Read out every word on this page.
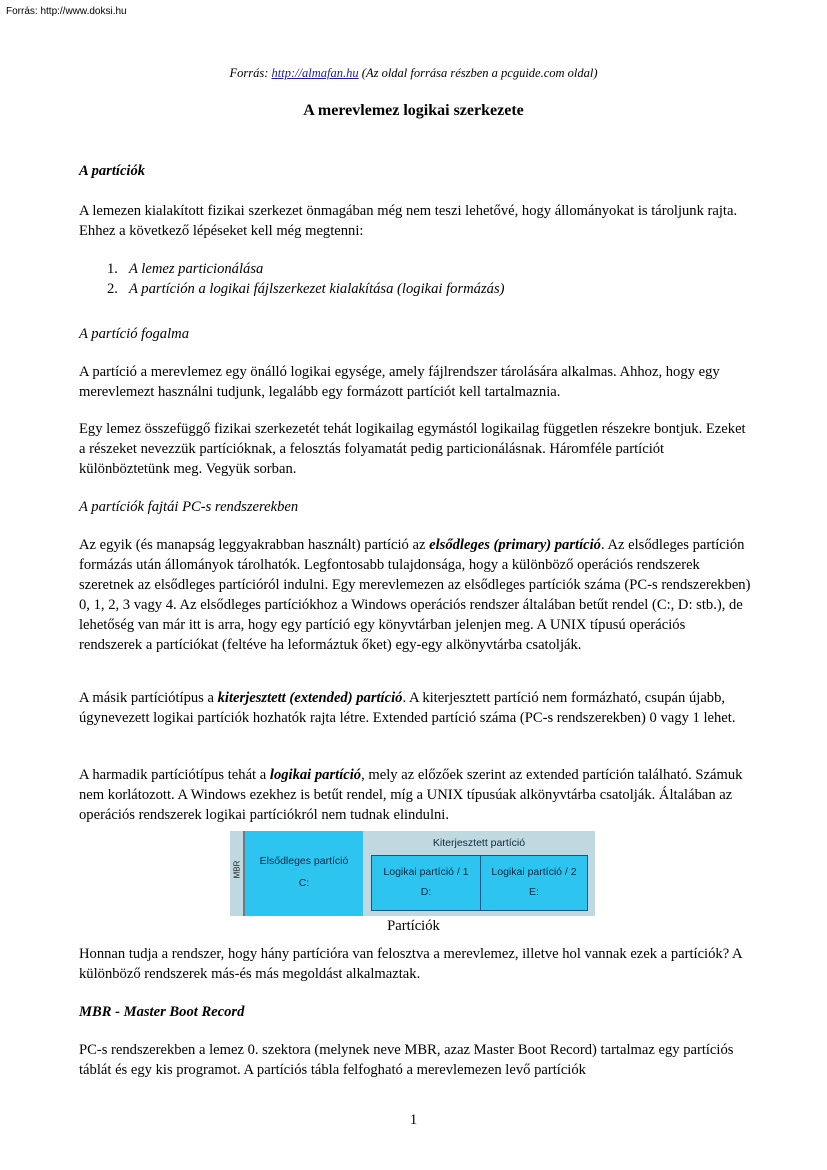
Forrás: http://www.doksi.hu
Forrás: http://almafan.hu (Az oldal forrása részben a pcguide.com oldal)
A merevlemez logikai szerkezete
A partíciók
A lemezen kialakított fizikai szerkezet önmagában még nem teszi lehetővé, hogy állományokat is tároljunk rajta. Ehhez a következő lépéseket kell még megtenni:
1. A lemez particionálása
2. A partíción a logikai fájlszerkezet kialakítása (logikai formázás)
A partíció fogalma
A partíció a merevlemez egy önálló logikai egysége, amely fájlrendszer tárolására alkalmas. Ahhoz, hogy egy merevlemezt használni tudjunk, legalább egy formázott partíciót kell tartalmaznia.
Egy lemez összefüggő fizikai szerkezetét tehát logikailag egymástól logikailag független részekre bontjuk. Ezeket a részeket nevezzük partícióknak, a felosztás folyamatát pedig particionálásnak. Háromféle partíciót különböztetünk meg. Vegyük sorban.
A partíciók fajtái PC-s rendszerekben
Az egyik (és manapság leggyakrabban használt) partíció az elsődleges (primary) partíció. Az elsődleges partíción formázás után állományok tárolhatók. Legfontosabb tulajdonsága, hogy a különböző operációs rendszerek szeretnek az elsődleges partícióról indulni. Egy merevlemezen az elsődleges partíciók száma (PC-s rendszerekben) 0, 1, 2, 3 vagy 4. Az elsődleges partíciókhoz a Windows operációs rendszer általában betűt rendel (C:, D: stb.), de lehetőség van már itt is arra, hogy egy partíció egy könyvtárban jelenjen meg. A UNIX típusú operációs rendszerek a partíciókat (feltéve ha leformáztuk őket) egy-egy alkönyvtárba csatolják.
A másik partíciótípus a kiterjesztett (extended) partíció. A kiterjesztett partíció nem formázható, csupán újabb, úgynevezett logikai partíciók hozhatók rajta létre. Extended partíció száma (PC-s rendszerekben) 0 vagy 1 lehet.
A harmadik partíciótípus tehát a logikai partíció, mely az előzőek szerint az extended partíción található. Számuk nem korlátozott. A Windows ezekhez is betűt rendel, míg a UNIX típusúak alkönyvtárba csatolják. Általában az operációs rendszerek logikai partíciókról nem tudnak elindulni.
MBR	Elsődleges partíció
C:
Kiterjesztett partíció
Logikai partíció / 1
D:
Logikai partíció / 2
E:
Partíciók
Honnan tudja a rendszer, hogy hány partícióra van felosztva a merevlemez, illetve hol vannak ezek a partíciók? A különböző rendszerek más-és más megoldást alkalmaztak.
MBR - Master Boot Record
PC-s rendszerekben a lemez 0. szektora (melynek neve MBR, azaz Master Boot Record) tartalmaz egy partíciós táblát és egy kis programot. A partíciós tábla felfogható a merevlemezen levő partíciók
1
